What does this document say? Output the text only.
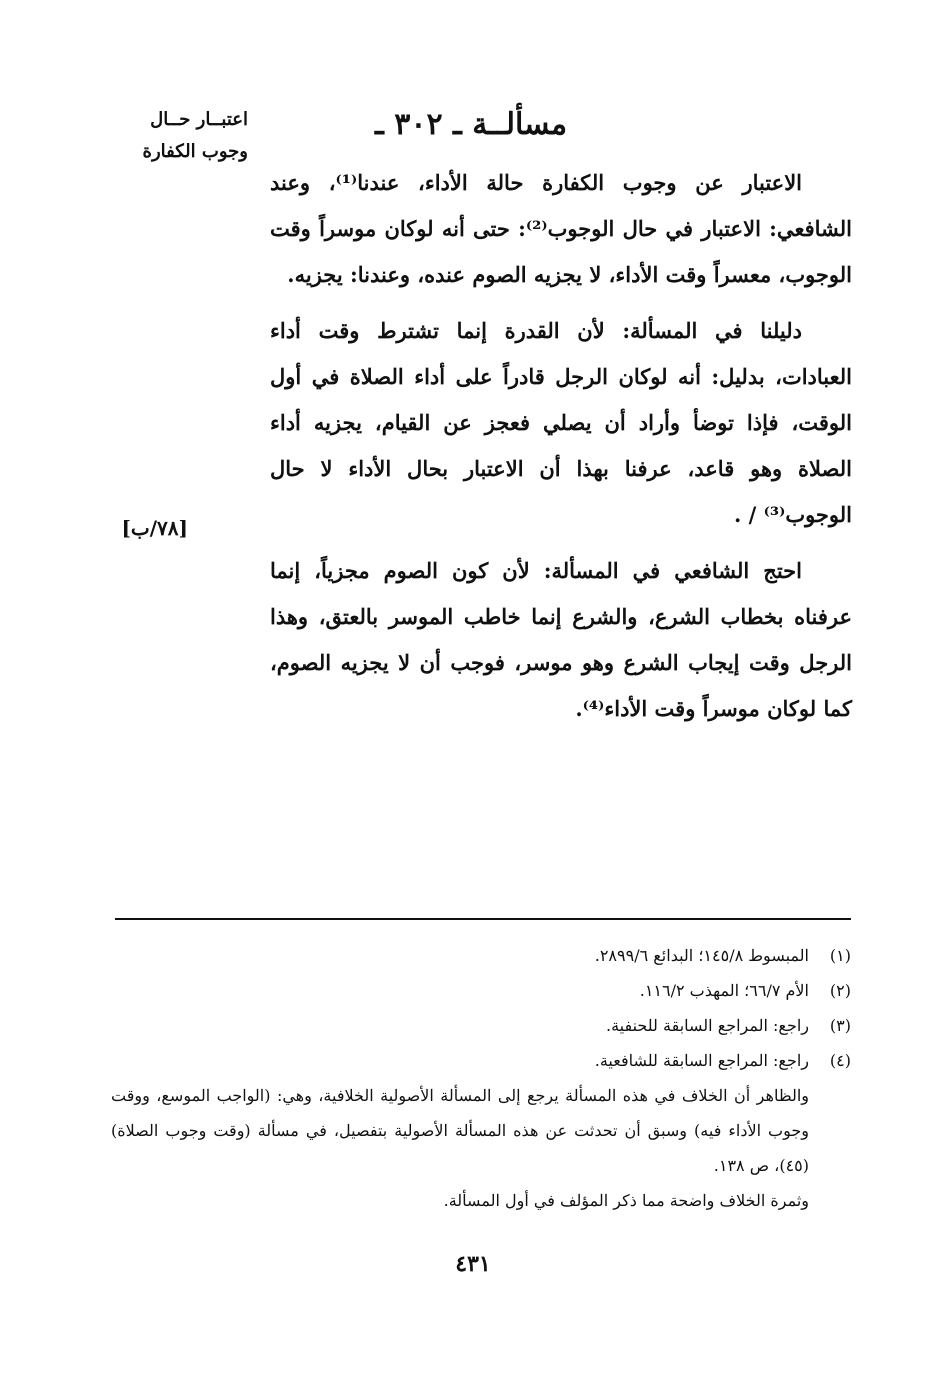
مسألــة ـ ٣٠٢ ـ
اعتبــار حــال
وجوب الكفارة
[٧٨/ب]

الاعتبار عن وجوب الكفارة حالة الأداء، عندنا⁽¹⁾، وعند الشافعي: الاعتبار في حال الوجوب⁽²⁾: حتى أنه لوكان موسراً وقت الوجوب، معسراً وقت الأداء، لا يجزيه الصوم عنده، وعندنا: يجزيه.

دليلنا في المسألة: لأن القدرة إنما تشترط وقت أداء العبادات، بدليل: أنه لوكان الرجل قادراً على أداء الصلاة في أول الوقت، فإذا توضأ وأراد أن يصلي فعجز عن القيام، يجزيه أداء الصلاة وهو قاعد، عرفنا بهذا أن الاعتبار بحال الأداء لا حال الوجوب⁽³⁾ / .

احتج الشافعي في المسألة: لأن كون الصوم مجزياً، إنما عرفناه بخطاب الشرع، والشرع إنما خاطب الموسر بالعتق، وهذا الرجل وقت إيجاب الشرع وهو موسر، فوجب أن لا يجزيه الصوم، كما لوكان موسراً وقت الأداء⁽⁴⁾.

(١)
المبسوط ١٤٥/٨؛ البدائع ٢٨٩٩/٦.
(٢)
الأم ٦٦/٧؛ المهذب ١١٦/٢.
(٣)
راجع: المراجع السابقة للحنفية.
(٤)
راجع: المراجع السابقة للشافعية.

والظاهر أن الخلاف في هذه المسألة يرجع إلى المسألة الأصولية الخلافية، وهي: (الواجب الموسع، ووقت وجوب الأداء فيه) وسبق أن تحدثت عن هذه المسألة الأصولية بتفصيل، في مسألة (وقت وجوب الصلاة) (٤٥)، ص ١٣٨.

وثمرة الخلاف واضحة مما ذكر المؤلف في أول المسألة.

٤٣١
